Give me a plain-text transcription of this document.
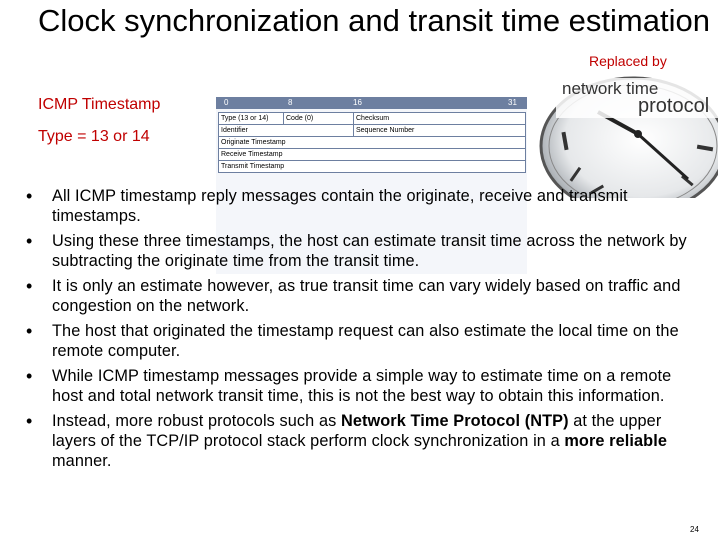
Clock synchronization and transit time estimation
Replaced by
ICMP Timestamp
Type = 13 or 14
0	8	16	31
Type (13 or 14)	Code (0)	Checksum
Identifier	Sequence Number
Originate Timestamp
Receive Timestamp
Transmit Timestamp
network time
protocol
• All ICMP timestamp reply messages contain the originate, receive and transmit timestamps.
• Using these three timestamps, the host can estimate transit time across the network by subtracting the originate time from the transit time.
• It is only an estimate however, as true transit time can vary widely based on traffic and congestion on the network.
• The host that originated the timestamp request can also estimate the local time on the remote computer.
• While ICMP timestamp messages provide a simple way to estimate time on a remote host and total network transit time, this is not the best way to obtain this information.
• Instead, more robust protocols such as Network Time Protocol (NTP) at the upper layers of the TCP/IP protocol stack perform clock synchronization in a more reliable manner.
24
